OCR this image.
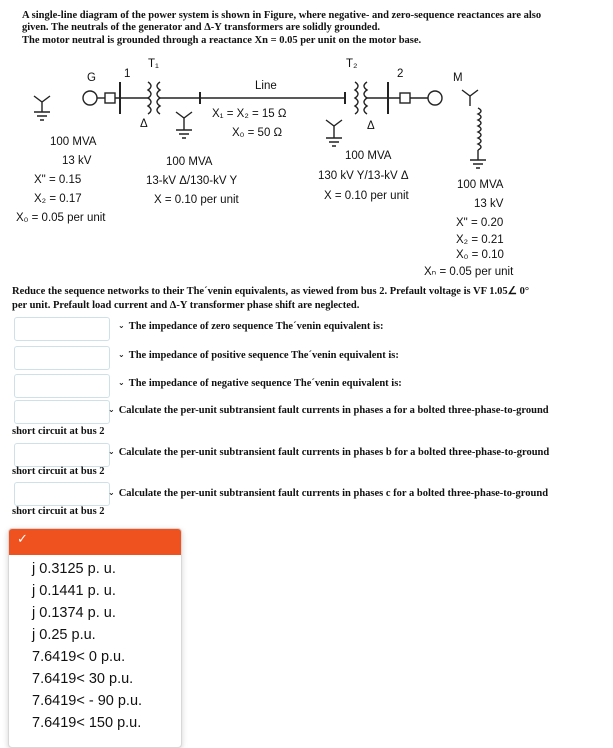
A single-line diagram of the power system is shown in Figure, where negative- and zero-sequence reactances are also

given. The neutrals of the generator and Δ-Y transformers are solidly grounded.

The motor neutral is grounded through a reactance Xn = 0.05 per unit on the motor base.

G 1
T₁
Δ
Line
X₁ = X₂ = 15 Ω
X₀ = 50 Ω
T₂
Δ
2	M
100 MVA
13 kV
X" = 0.15
X₂ = 0.17
X₀ = 0.05 per unit
100 MVA
13-kV Δ/130-kV Y
X = 0.10 per unit
100 MVA
130 kV Y/13-kV Δ
X = 0.10 per unit
100 MVA
13 kV
X" = 0.20
X₂ = 0.21
X₀ = 0.10
Xₙ = 0.05 per unit

Reduce the sequence networks to their The´venin equivalents, as viewed from bus 2. Prefault voltage is VF 1.05∠ 0°

per unit. Prefault load current and Δ-Y transformer phase shift are neglected.

⌄ The impedance of zero sequence The´venin equivalent is:
⌄ The impedance of positive sequence The´venin equivalent is:
⌄ The impedance of negative sequence The´venin equivalent is:
⌄ Calculate the per-unit subtransient fault currents in phases a for a bolted three-phase-to-ground
short circuit at bus 2
⌄ Calculate the per-unit subtransient fault currents in phases b for a bolted three-phase-to-ground
short circuit at bus 2
⌄ Calculate the per-unit subtransient fault currents in phases c for a bolted three-phase-to-ground
short circuit at bus 2
✓
j 0.3125 p. u.
j 0.1441 p. u.
j 0.1374 p. u.
j 0.25 p.u.
7.6419< 0 p.u.
7.6419< 30 p.u.
7.6419< - 90 p.u.
7.6419< 150 p.u.
